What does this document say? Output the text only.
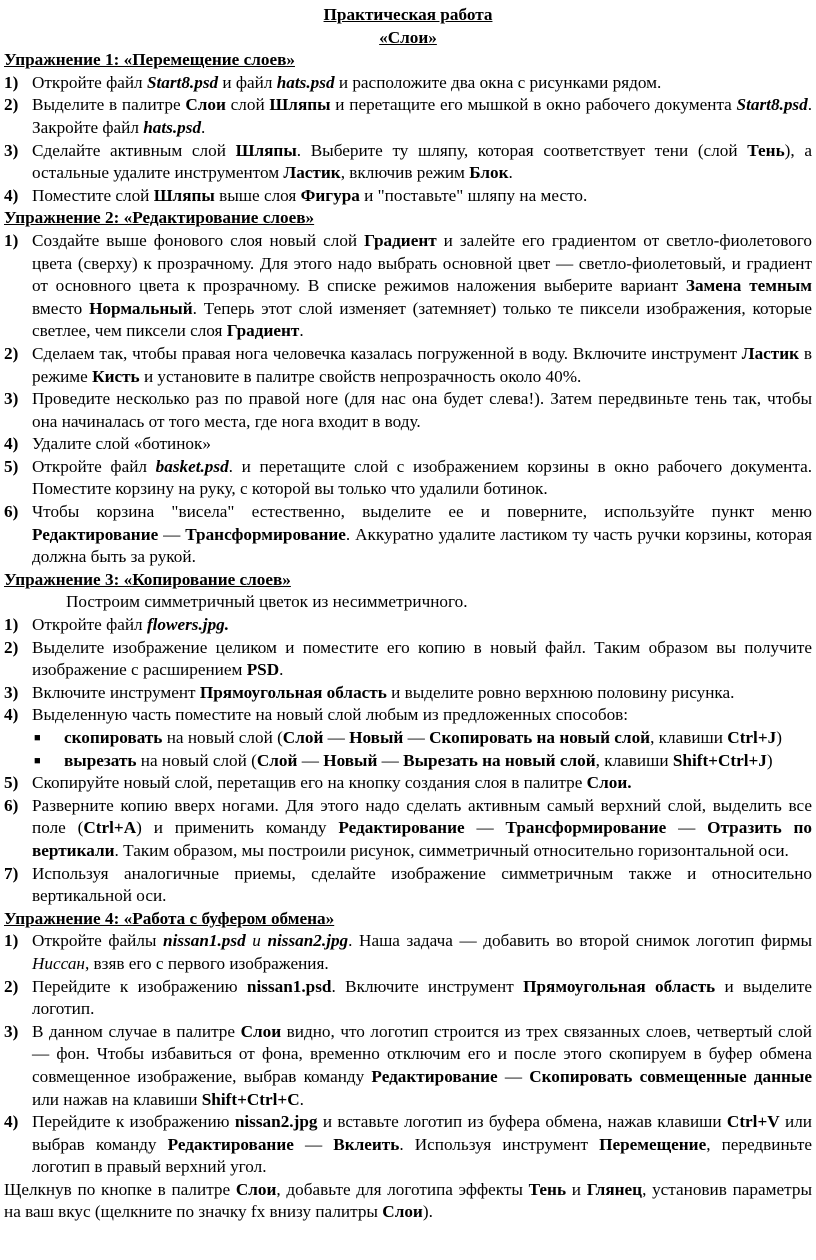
Практическая работа

«Слои»

Упражнение 1: «Перемещение слоев»

1) Откройте файл Start8.psd и файл hats.psd и расположите два окна с рисунками рядом.
2) Выделите в палитре Слои слой Шляпы и перетащите его мышкой в окно рабочего документа Start8.psd. Закройте файл hats.psd.
3) Сделайте активным слой Шляпы. Выберите ту шляпу, которая соответствует тени (слой Тень), а остальные удалите инструментом Ластик, включив режим Блок.
4) Поместите слой Шляпы выше слоя Фигура и "поставьте" шляпу на место.

Упражнение 2: «Редактирование слоев»

1) Создайте выше фонового слоя новый слой Градиент и залейте его градиентом от светло-фиолетового цвета (сверху) к прозрачному. Для этого надо выбрать основной цвет — светло-фиолетовый, и градиент от основного цвета к прозрачному. В списке режимов наложения выберите вариант Замена темным вместо Нормальный. Теперь этот слой изменяет (затемняет) только те пиксели изображения, которые светлее, чем пиксели слоя Градиент.
2) Сделаем так, чтобы правая нога человечка казалась погруженной в воду. Включите инструмент Ластик в режиме Кисть и установите в палитре свойств непрозрачность около 40%.
3) Проведите несколько раз по правой ноге (для нас она будет слева!). Затем передвиньте тень так, чтобы она начиналась от того места, где нога входит в воду.
4) Удалите слой «ботинок»
5) Откройте файл basket.psd. и перетащите слой с изображением корзины в окно рабочего документа. Поместите корзину на руку, с которой вы только что удалили ботинок.
6) Чтобы корзина "висела" естественно, выделите ее и поверните, используйте пункт меню Редактирование — Трансформирование. Аккуратно удалите ластиком ту часть ручки корзины, которая должна быть за рукой.

Упражнение 3: «Копирование слоев»

Построим симметричный цветок из несимметричного.

1) Откройте файл flowers.jpg.
2) Выделите изображение целиком и поместите его копию в новый файл. Таким образом вы получите изображение с расширением PSD.
3) Включите инструмент Прямоугольная область и выделите ровно верхнюю половину рисунка.
4) Выделенную часть поместите на новый слой любым из предложенных способов:
■	скопировать на новый слой (Слой — Новый — Скопировать на новый слой, клавиши Ctrl+J)
■	вырезать на новый слой (Слой — Новый — Вырезать на новый слой, клавиши Shift+Ctrl+J)
5) Скопируйте новый слой, перетащив его на кнопку создания слоя в палитре Слои.
6) Разверните копию вверх ногами. Для этого надо сделать активным самый верхний слой, выделить все поле (Ctrl+A) и применить команду Редактирование — Трансформирование — Отразить по вертикали. Таким образом, мы построили рисунок, симметричный относительно горизонтальной оси.
7) Используя аналогичные приемы, сделайте изображение симметричным также и относительно вертикальной оси.

Упражнение 4: «Работа с буфером обмена»

1) Откройте файлы nissan1.psd и nissan2.jpg. Наша задача — добавить во второй снимок логотип фирмы Ниссан, взяв его с первого изображения.
2) Перейдите к изображению nissan1.psd. Включите инструмент Прямоугольная область и выделите логотип.
3) В данном случае в палитре Слои видно, что логотип строится из трех связанных слоев, четвертый слой — фон. Чтобы избавиться от фона, временно отключим его и после этого скопируем в буфер обмена совмещенное изображение, выбрав команду Редактирование — Скопировать совмещенные данные или нажав на клавиши Shift+Ctrl+C.
4) Перейдите к изображению nissan2.jpg и вставьте логотип из буфера обмена, нажав клавиши Ctrl+V или выбрав команду Редактирование — Вклеить. Используя инструмент Перемещение, передвиньте логотип в правый верхний угол.

Щелкнув по кнопке в палитре Слои, добавьте для логотипа эффекты Тень и Глянец, установив параметры на ваш вкус (щелкните по значку fx внизу палитры Слои).
